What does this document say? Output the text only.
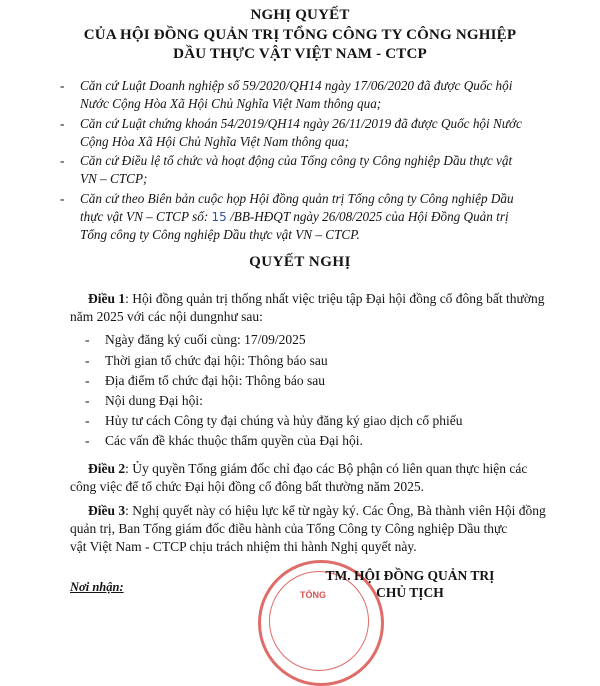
NGHỊ QUYẾT
CỦA HỘI ĐỒNG QUẢN TRỊ TỔNG CÔNG TY CÔNG NGHIỆP
DẦU THỰC VẬT VIỆT NAM - CTCP
- Căn cứ Luật Doanh nghiệp số 59/2020/QH14 ngày 17/06/2020 đã được Quốc hội
Nước Cộng Hòa Xã Hội Chủ Nghĩa Việt Nam thông qua;
- Căn cứ Luật chứng khoán 54/2019/QH14 ngày 26/11/2019 đã được Quốc hội Nước
Cộng Hòa Xã Hội Chủ Nghĩa Việt Nam thông qua;
- Căn cứ Điều lệ tổ chức và hoạt động của Tổng công ty Công nghiệp Dầu thực vật
VN – CTCP;
- Căn cứ theo Biên bản cuộc họp Hội đồng quản trị Tổng công ty Công nghiệp Dầu
thực vật VN – CTCP số: 15 /BB-HĐQT ngày 26/08/2025 của Hội Đồng Quản trị
Tổng công ty Công nghiệp Dầu thực vật VN – CTCP.
QUYẾT NGHỊ
Điều 1: Hội đồng quản trị thống nhất việc triệu tập Đại hội đồng cổ đông bất thường
năm 2025 với các nội dungnhư sau:
- Ngày đăng ký cuối cùng: 17/09/2025
- Thời gian tổ chức đại hội: Thông báo sau
- Địa điểm tổ chức đại hội: Thông báo sau
- Nội dung Đại hội:
- Hủy tư cách Công ty đại chúng và hủy đăng ký giao dịch cổ phiếu
- Các vấn đề khác thuộc thẩm quyền của Đại hội.
Điều 2: Ủy quyền Tổng giám đốc chỉ đạo các Bộ phận có liên quan thực hiện các
công việc để tổ chức Đại hội đồng cổ đông bất thường năm 2025.
Điều 3: Nghị quyết này có hiệu lực kể từ ngày ký. Các Ông, Bà thành viên Hội đồng
quản trị, Ban Tổng giám đốc điều hành của Tổng Công ty Công nghiệp Dầu thực
vật Việt Nam - CTCP chịu trách nhiệm thi hành Nghị quyết này.
TỔNG
TM. HỘI ĐỒNG QUẢN TRỊ
CHỦ TỊCH
Nơi nhận:
